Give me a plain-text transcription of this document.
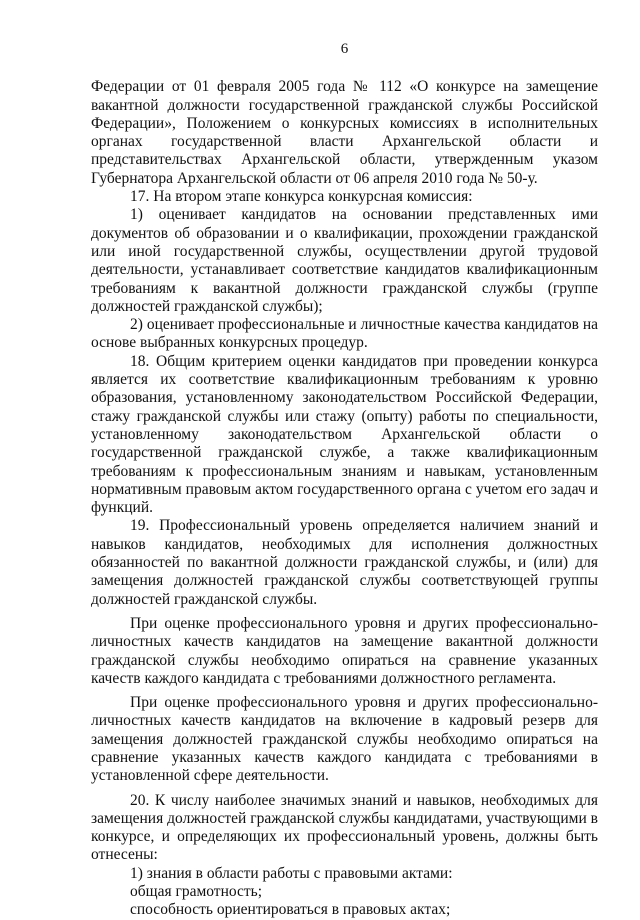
6

Федерации от 01 февраля 2005 года № 112 «О конкурсе на замещение вакантной должности государственной гражданской службы Российской Федерации», Положением о конкурсных комиссиях в исполнительных органах государственной власти Архангельской области и представительствах Архангельской области, утвержденным указом Губернатора Архангельской области от 06 апреля 2010 года № 50-у.

17. На втором этапе конкурса конкурсная комиссия:

1) оценивает кандидатов на основании представленных ими документов об образовании и о квалификации, прохождении гражданской или иной государственной службы, осуществлении другой трудовой деятельности, устанавливает соответствие кандидатов квалификационным требованиям к вакантной должности гражданской службы (группе должностей гражданской службы);

2) оценивает профессиональные и личностные качества кандидатов на основе выбранных конкурсных процедур.

18. Общим критерием оценки кандидатов при проведении конкурса является их соответствие квалификационным требованиям к уровню образования, установленному законодательством Российской Федерации, стажу гражданской службы или стажу (опыту) работы по специальности, установленному законодательством Архангельской области о государственной гражданской службе, а также квалификационным требованиям к профессиональным знаниям и навыкам, установленным нормативным правовым актом государственного органа с учетом его задач и функций.

19. Профессиональный уровень определяется наличием знаний и навыков кандидатов, необходимых для исполнения должностных обязанностей по вакантной должности гражданской службы, и (или) для замещения должностей гражданской службы соответствующей группы должностей гражданской службы.

При оценке профессионального уровня и других профессионально-личностных качеств кандидатов на замещение вакантной должности гражданской службы необходимо опираться на сравнение указанных качеств каждого кандидата с требованиями должностного регламента.

При оценке профессионального уровня и других профессионально-личностных качеств кандидатов на включение в кадровый резерв для замещения должностей гражданской службы необходимо опираться на сравнение указанных качеств каждого кандидата с требованиями в установленной сфере деятельности.

20. К числу наиболее значимых знаний и навыков, необходимых для замещения должностей гражданской службы кандидатами, участвующими в конкурсе, и определяющих их профессиональный уровень, должны быть отнесены:

1) знания в области работы с правовыми актами:

общая грамотность;

способность ориентироваться в правовых актах;
